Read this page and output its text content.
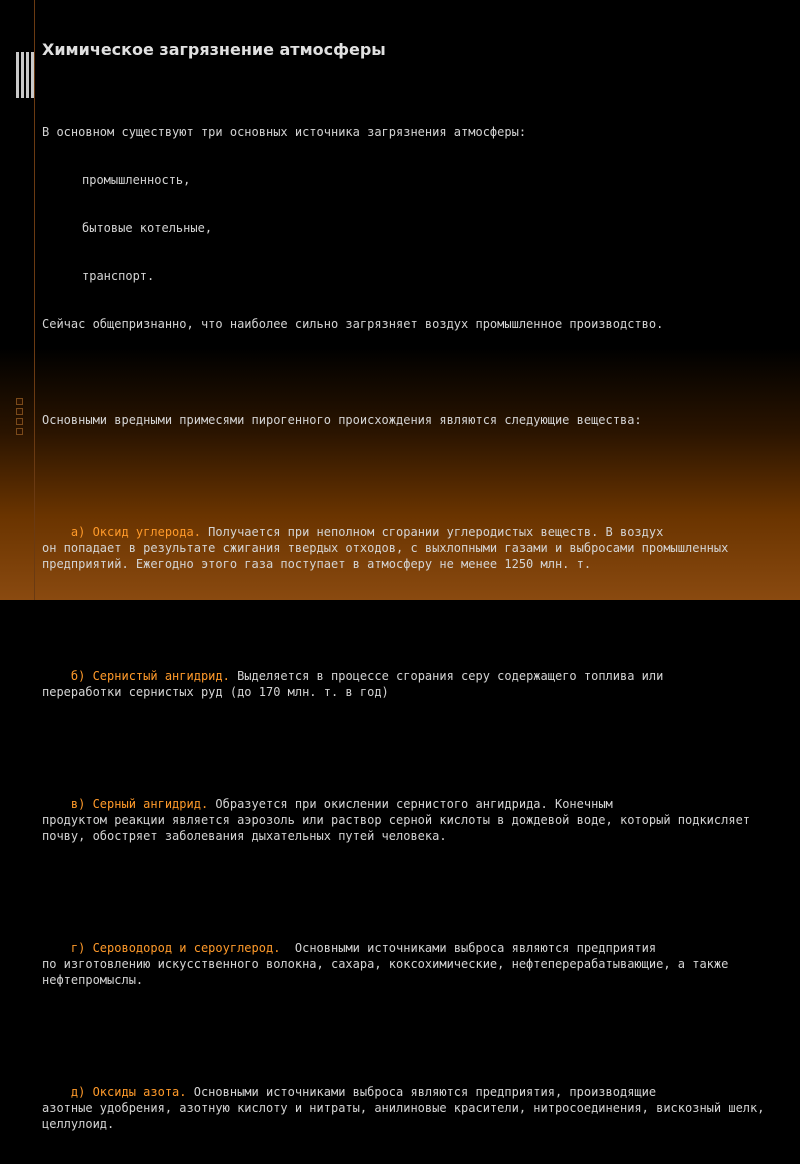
Химическое загрязнение атмосферы

В основном существуют три основных источника загрязнения атмосферы:

промышленность,

бытовые котельные,

транспорт.

Сейчас общепризнанно, что наиболее сильно загрязняет воздух промышленное производство.

Основными вредными примесями пирогенного происхождения являются следующие вещества:

а) Оксид углерода. Получается при неполном сгорании углеродистых веществ. В воздух
он попадает в результате сжигания твердых отходов, с выхлопными газами и выбросами промышленных предприятий. Ежегодно этого газа поступает в атмосферу не менее 1250 млн. т.

б) Сернистый ангидрид. Выделяется в процессе сгорания серу содержащего топлива или
переработки сернистых руд (до 170 млн. т. в год)

в) Серный ангидрид. Образуется при окислении сернистого ангидрида. Конечным
продуктом реакции является аэрозоль или раствор серной кислоты в дождевой воде, который подкисляет почву, обостряет заболевания дыхательных путей человека.

г) Сероводород и сероуглерод.  Основными источниками выброса являются предприятия
по изготовлению искусственного волокна, сахара, коксохимические, нефтеперерабатывающие, а также нефтепромыслы.

д) Оксиды азота. Основными источниками выброса являются предприятия, производящие
азотные удобрения, азотную кислоту и нитраты, анилиновые красители, нитросоединения, вискозный шелк, целлулоид.
